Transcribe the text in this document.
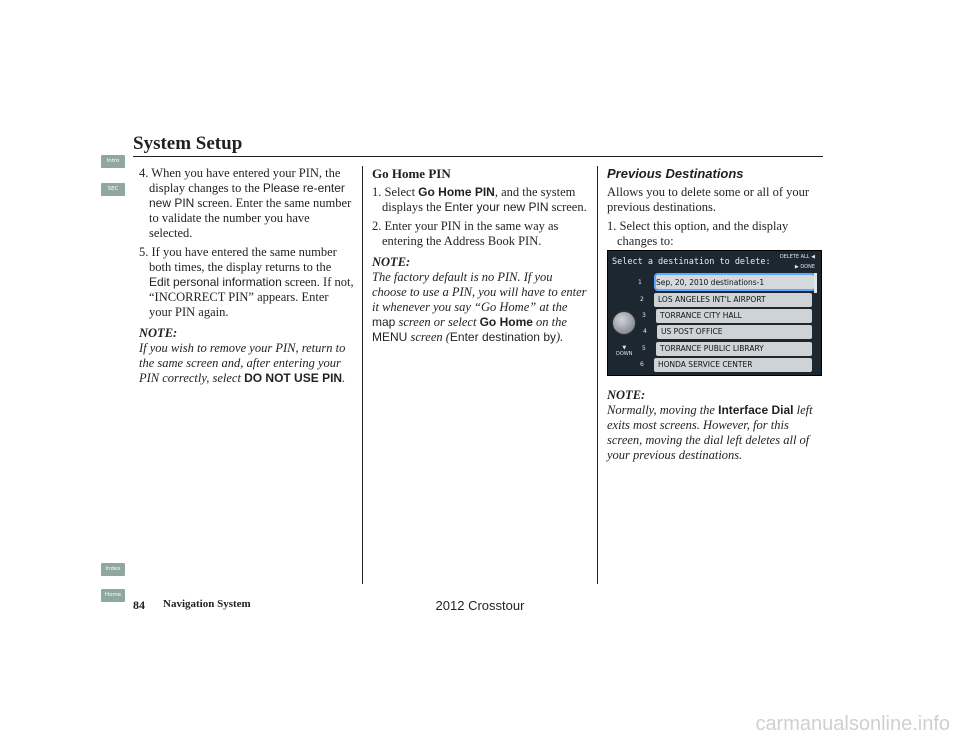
System Setup
Intro
SEC
Index
Home
4. When you have entered your PIN, the display changes to the Please re-enter new PIN screen. Enter the same number to validate the number you have selected.
5. If you have entered the same number both times, the display returns to the Edit personal information screen. If not, “INCORRECT PIN” appears. Enter your PIN again.
NOTE:
If you wish to remove your PIN, return to the same screen and, after entering your PIN correctly, select DO NOT USE PIN.
Go Home PIN
1. Select Go Home PIN, and the system displays the Enter your new PIN screen.
2. Enter your PIN in the same way as entering the Address Book PIN.
NOTE:
The factory default is no PIN. If you choose to use a PIN, you will have to enter it whenever you say “Go Home” at the map screen or select Go Home on the MENU screen (Enter destination by).
Previous Destinations
Allows you to delete some or all of your previous destinations.
1. Select this option, and the display changes to:
NOTE:
Normally, moving the Interface Dial left exits most screens. However, for this screen, moving the dial left deletes all of your previous destinations.
Select a destination to delete: DELETE ALL ◀
▶ DONE
▼
DOWN
1
2
3
4
5
6
Sep, 20, 2010 destinations-1
LOS ANGELES INT'L AIRPORT
TORRANCE CITY HALL
US POST OFFICE
TORRANCE PUBLIC LIBRARY
HONDA SERVICE CENTER
84 Navigation System	2012 Crosstour
carmanualsonline.info
